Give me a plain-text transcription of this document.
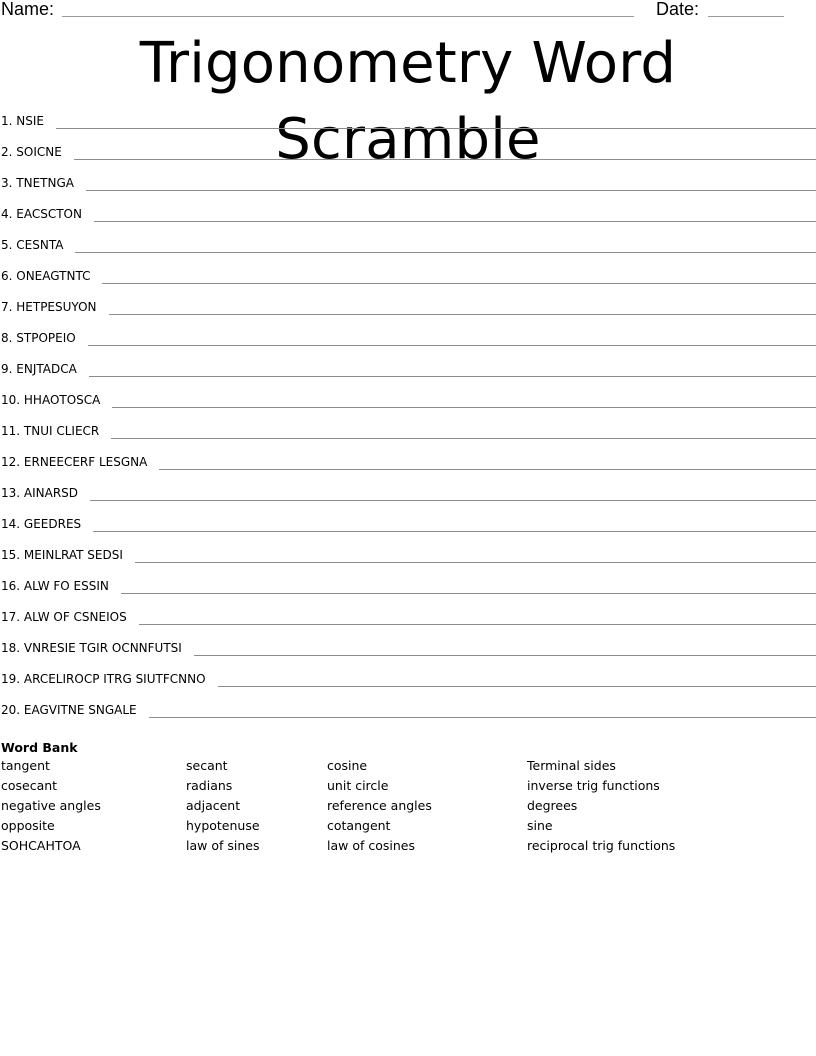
Name:	Date:
Trigonometry Word Scramble
1. NSIE
2. SOICNE
3. TNETNGA
4. EACSCTON
5. CESNTA
6. ONEAGTNTC
7. HETPESUYON
8. STPOPEIO
9. ENJTADCA
10. HHAOTOSCA
11. TNUI CLIECR
12. ERNEECERF LESGNA
13. AINARSD
14. GEEDRES
15. MEINLRAT SEDSI
16. ALW FO ESSIN
17. ALW OF CSNEIOS
18. VNRESIE TGIR OCNNFUTSI
19. ARCELIROCP ITRG SIUTFCNNO
20. EAGVITNE SNGALE
Word Bank
tangent	secant	cosine	Terminal sides
cosecant	radians	unit circle	inverse trig functions
negative angles	adjacent	reference angles	degrees
opposite	hypotenuse	cotangent	sine
SOHCAHTOA	law of sines	law of cosines	reciprocal trig functions
